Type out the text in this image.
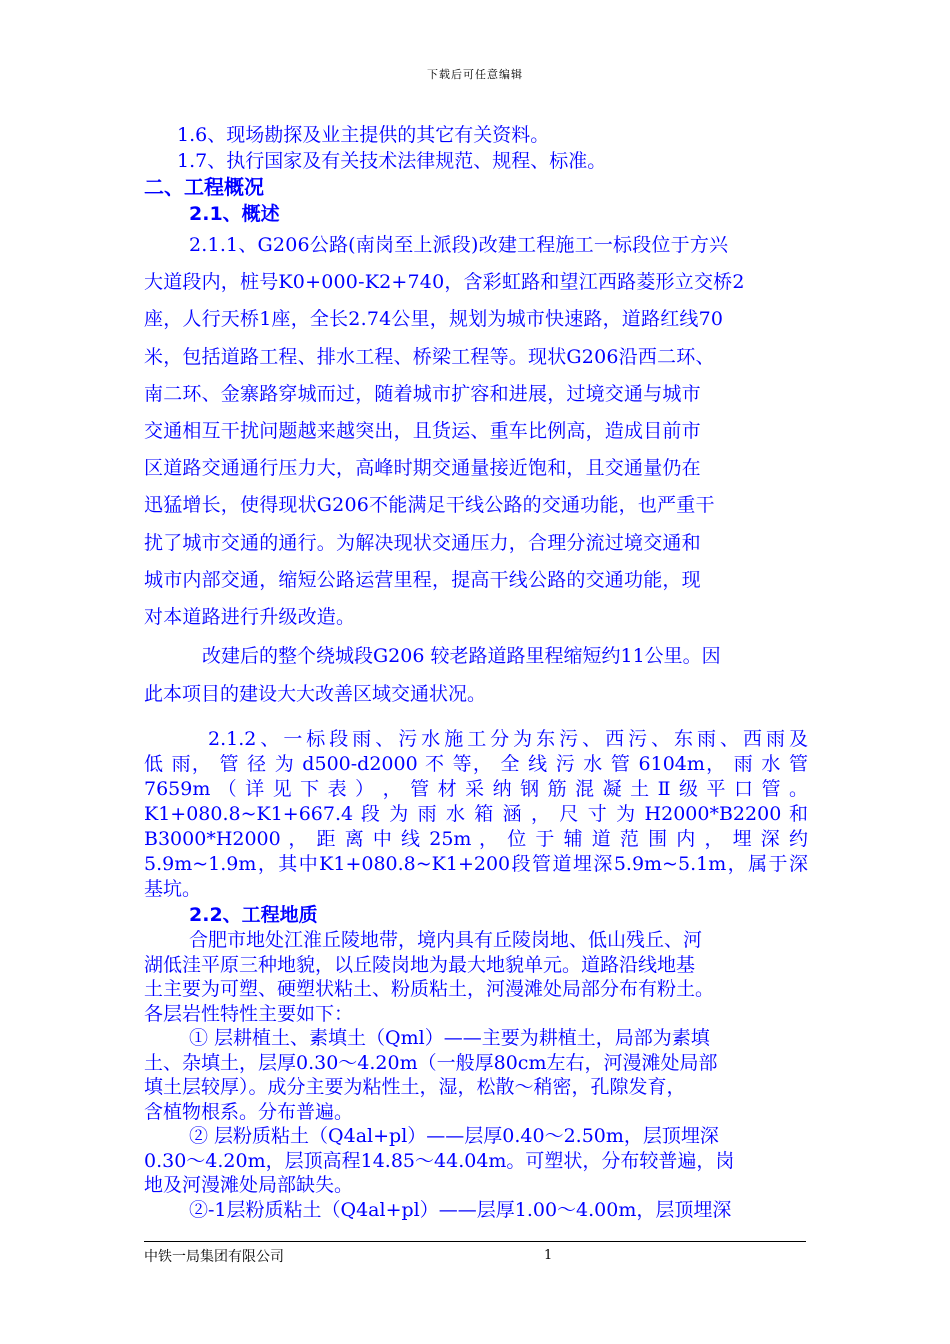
下载后可任意编辑
1.6、现场勘探及业主提供的其它有关资料。
1.7、执行国家及有关技术法律规范、规程、标准。
二、工程概况
2.1、概述

2.1.1、G206公路(南岗至上派段)改建工程施工一标段位于方兴

大道段内，桩号K0+000-K2+740，含彩虹路和望江西路菱形立交桥2

座，人行天桥1座，全长2.74公里，规划为城市快速路，道路红线70

米，包括道路工程、排水工程、桥梁工程等。现状G206沿西二环、

南二环、金寨路穿城而过，随着城市扩容和进展，过境交通与城市

交通相互干扰问题越来越突出，且货运、重车比例高，造成目前市

区道路交通通行压力大，高峰时期交通量接近饱和，且交通量仍在

迅猛增长，使得现状G206不能满足干线公路的交通功能，也严重干

扰了城市交通的通行。为解决现状交通压力，合理分流过境交通和

城市内部交通，缩短公路运营里程，提高干线公路的交通功能，现

对本道路进行升级改造。

改建后的整个绕城段G206 较老路道路里程缩短约11公里。因

此本项目的建设大大改善区域交通状况。

2.1.2、一标段雨、污水施工分为东污、西污、东雨、西雨及
低 雨， 管 径 为 d500-d2000 不 等， 全 线 污 水 管 6104m， 雨 水 管
7659m （ 详 见 下 表 ） ， 管 材 采 纳 钢 筋 混 凝 土 Ⅱ 级 平 口 管 。
K1+080.8~K1+667.4 段 为 雨 水 箱 涵 ， 尺 寸 为 H2000*B2200 和
B3000*H2000 ， 距 离 中 线 25m ， 位 于 辅 道 范 围 内 ， 埋 深 约
5.9m~1.9m，其中K1+080.8~K1+200段管道埋深5.9m~5.1m，属于深
基坑。
2.2、工程地质
合肥市地处江淮丘陵地带，境内具有丘陵岗地、低山残丘、河
湖低洼平原三种地貌，以丘陵岗地为最大地貌单元。道路沿线地基
土主要为可塑、硬塑状粘土、粉质粘土，河漫滩处局部分布有粉土。
各层岩性特性主要如下：
① 层耕植土、素填土（Qml）——主要为耕植土，局部为素填
土、杂填土，层厚0.30～4.20m（一般厚80cm左右，河漫滩处局部
填土层较厚）。成分主要为粘性土，湿，松散～稍密，孔隙发育，
含植物根系。分布普遍。
② 层粉质粘土（Q4al+pl）——层厚0.40～2.50m，层顶埋深
0.30～4.20m，层顶高程14.85～44.04m。可塑状，分布较普遍，岗
地及河漫滩处局部缺失。
②-1层粉质粘土（Q4al+pl）——层厚1.00～4.00m，层顶埋深
中铁一局集团有限公司	1
